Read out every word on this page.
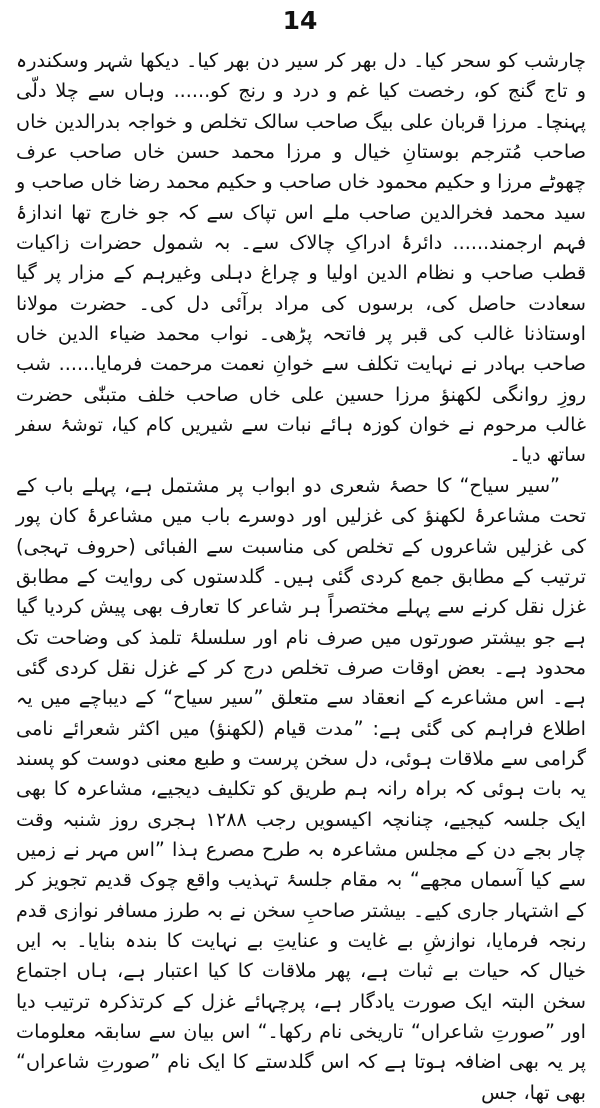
14

چارشب کو سحر کیا۔ دل بھر کر سیر دن بھر کیا۔ دیکھا شہر وسکندرہ و تاج گنج کو، رخصت کیا غم و درد و رنج کو...... وہاں سے چلا دلّی پہنچا۔ مرزا قربان علی بیگ صاحب سالک تخلص و خواجہ بدرالدین خاں صاحب مُترجم بوستانِ خیال و مرزا محمد حسن خاں صاحب عرف چھوٹے مرزا و حکیم محمود خاں صاحب و حکیم محمد رضا خاں صاحب و سید محمد فخرالدین صاحب ملے اس تپاک سے کہ جو خارج تھا اندازۂ فہم ارجمند...... دائرۂ ادراکِ چالاک سے۔ بہ شمول حضرات زاکیات قطب صاحب و نظام الدین اولیا و چراغ دہلی وغیرہم کے مزار پر گیا سعادت حاصل کی، برسوں کی مراد برآئی دل کی۔ حضرت مولانا اوستاذنا غالب کی قبر پر فاتحہ پڑھی۔ نواب محمد ضیاء الدین خاں صاحب بہادر نے نہایت تکلف سے خوانِ نعمت مرحمت فرمایا...... شب روزِ روانگی لکھنؤ مرزا حسین علی خاں صاحب خلف متبنّٰی حضرت غالب مرحوم نے خوان کوزہ ہائے نبات سے شیریں کام کیا، توشۂ سفر ساتھ دیا۔

”سیر سیاح“ کا حصۂ شعری دو ابواب پر مشتمل ہے، پہلے باب کے تحت مشاعرۂ لکھنؤ کی غزلیں اور دوسرے باب میں مشاعرۂ کان پور کی غزلیں شاعروں کے تخلص کی مناسبت سے الفبائی (حروف تہجی) ترتیب کے مطابق جمع کردی گئی ہیں۔ گلدستوں کی روایت کے مطابق غزل نقل کرنے سے پہلے مختصراً ہر شاعر کا تعارف بھی پیش کردیا گیا ہے جو بیشتر صورتوں میں صرف نام اور سلسلۂ تلمذ کی وضاحت تک محدود ہے۔ بعض اوقات صرف تخلص درج کر کے غزل نقل کردی گئی ہے۔ اس مشاعرے کے انعقاد سے متعلق ”سیر سیاح“ کے دیباچے میں یہ اطلاع فراہم کی گئی ہے: ”مدت قیام (لکھنؤ) میں اکثر شعرائے نامی گرامی سے ملاقات ہوئی، دل سخن پرست و طبع معنی دوست کو پسند یہ بات ہوئی کہ براہ رانہ ہم طریق کو تکلیف دیجیے، مشاعرہ کا بھی ایک جلسہ کیجیے، چنانچہ اکیسویں رجب ۱۲۸۸ ہجری روز شنبہ وقت چار بجے دن کے مجلس مشاعرہ بہ طرح مصرع ہذا ”اس مہر نے زمیں سے کیا آسماں مجھے“ بہ مقام جلسۂ تہذیب واقع چوک قدیم تجویز کر کے اشتہار جاری کیے۔ بیشتر صاحبِ سخن نے بہ طرز مسافر نوازی قدم رنجہ فرمایا، نوازشِ بے غایت و عنایتِ بے نہایت کا بندہ بنایا۔ بہ ایں خیال کہ حیات بے ثبات ہے، پھر ملاقات کا کیا اعتبار ہے، ہاں اجتماع سخن البتہ ایک صورت یادگار ہے، پرچہائے غزل کے کرتذکرہ ترتیب دیا اور ”صورتِ شاعراں“ تاریخی نام رکھا۔“ اس بیان سے سابقہ معلومات پر یہ بھی اضافہ ہوتا ہے کہ اس گلدستے کا ایک نام ”صورتِ شاعراں“ بھی تھا، جس
